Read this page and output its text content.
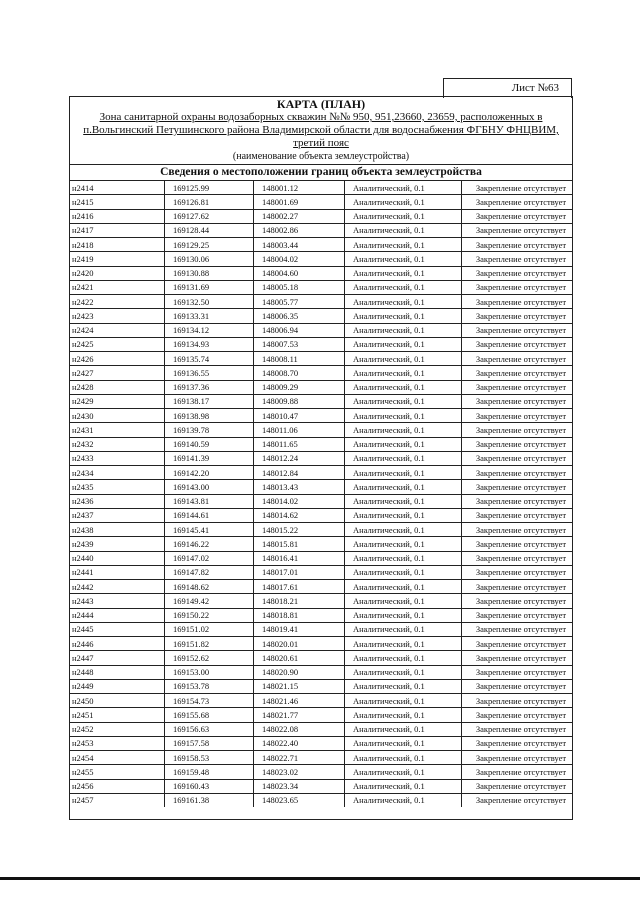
Лист №63
КАРТА (ПЛАН)
Зона санитарной охраны водозаборных скважин №№ 950, 951,23660, 23659, расположенных в
п.Вольгинский Петушинского района Владимирской области для водоснабжения ФГБНУ ФНЦВИМ,
третий пояс
(наименование объекта землеустройства)
Сведения о местоположении границ объекта землеустройства
н2414	169125.99	148001.12	Аналитический, 0.1	Закрепление отсутствует
н2415	169126.81	148001.69	Аналитический, 0.1	Закрепление отсутствует
н2416	169127.62	148002.27	Аналитический, 0.1	Закрепление отсутствует
н2417	169128.44	148002.86	Аналитический, 0.1	Закрепление отсутствует
н2418	169129.25	148003.44	Аналитический, 0.1	Закрепление отсутствует
н2419	169130.06	148004.02	Аналитический, 0.1	Закрепление отсутствует
н2420	169130.88	148004.60	Аналитический, 0.1	Закрепление отсутствует
н2421	169131.69	148005.18	Аналитический, 0.1	Закрепление отсутствует
н2422	169132.50	148005.77	Аналитический, 0.1	Закрепление отсутствует
н2423	169133.31	148006.35	Аналитический, 0.1	Закрепление отсутствует
н2424	169134.12	148006.94	Аналитический, 0.1	Закрепление отсутствует
н2425	169134.93	148007.53	Аналитический, 0.1	Закрепление отсутствует
н2426	169135.74	148008.11	Аналитический, 0.1	Закрепление отсутствует
н2427	169136.55	148008.70	Аналитический, 0.1	Закрепление отсутствует
н2428	169137.36	148009.29	Аналитический, 0.1	Закрепление отсутствует
н2429	169138.17	148009.88	Аналитический, 0.1	Закрепление отсутствует
н2430	169138.98	148010.47	Аналитический, 0.1	Закрепление отсутствует
н2431	169139.78	148011.06	Аналитический, 0.1	Закрепление отсутствует
н2432	169140.59	148011.65	Аналитический, 0.1	Закрепление отсутствует
н2433	169141.39	148012.24	Аналитический, 0.1	Закрепление отсутствует
н2434	169142.20	148012.84	Аналитический, 0.1	Закрепление отсутствует
н2435	169143.00	148013.43	Аналитический, 0.1	Закрепление отсутствует
н2436	169143.81	148014.02	Аналитический, 0.1	Закрепление отсутствует
н2437	169144.61	148014.62	Аналитический, 0.1	Закрепление отсутствует
н2438	169145.41	148015.22	Аналитический, 0.1	Закрепление отсутствует
н2439	169146.22	148015.81	Аналитический, 0.1	Закрепление отсутствует
н2440	169147.02	148016.41	Аналитический, 0.1	Закрепление отсутствует
н2441	169147.82	148017.01	Аналитический, 0.1	Закрепление отсутствует
н2442	169148.62	148017.61	Аналитический, 0.1	Закрепление отсутствует
н2443	169149.42	148018.21	Аналитический, 0.1	Закрепление отсутствует
н2444	169150.22	148018.81	Аналитический, 0.1	Закрепление отсутствует
н2445	169151.02	148019.41	Аналитический, 0.1	Закрепление отсутствует
н2446	169151.82	148020.01	Аналитический, 0.1	Закрепление отсутствует
н2447	169152.62	148020.61	Аналитический, 0.1	Закрепление отсутствует
н2448	169153.00	148020.90	Аналитический, 0.1	Закрепление отсутствует
н2449	169153.78	148021.15	Аналитический, 0.1	Закрепление отсутствует
н2450	169154.73	148021.46	Аналитический, 0.1	Закрепление отсутствует
н2451	169155.68	148021.77	Аналитический, 0.1	Закрепление отсутствует
н2452	169156.63	148022.08	Аналитический, 0.1	Закрепление отсутствует
н2453	169157.58	148022.40	Аналитический, 0.1	Закрепление отсутствует
н2454	169158.53	148022.71	Аналитический, 0.1	Закрепление отсутствует
н2455	169159.48	148023.02	Аналитический, 0.1	Закрепление отсутствует
н2456	169160.43	148023.34	Аналитический, 0.1	Закрепление отсутствует
н2457	169161.38	148023.65	Аналитический, 0.1	Закрепление отсутствует
